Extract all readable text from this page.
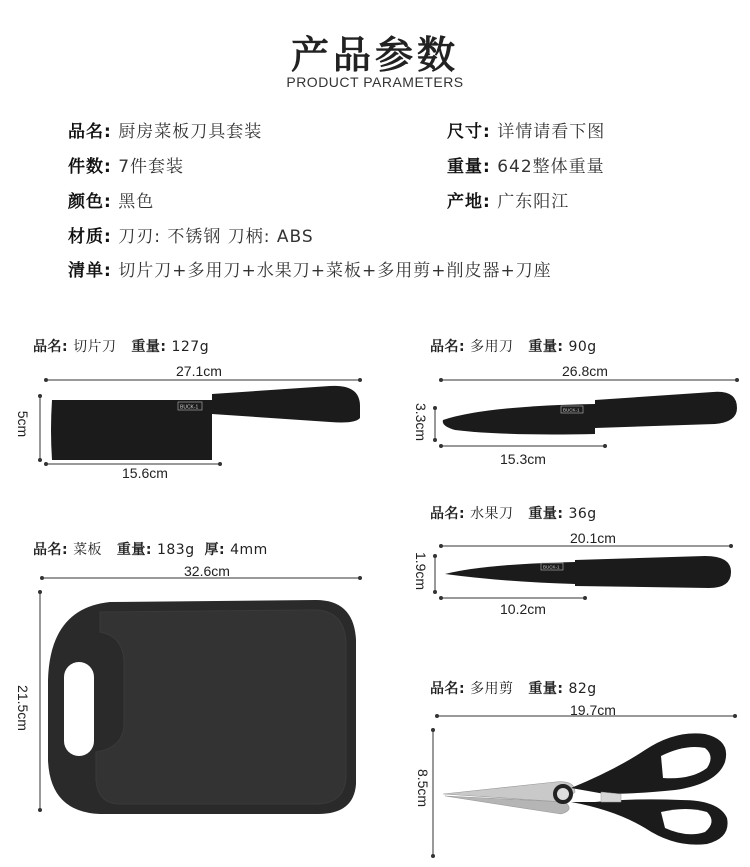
产品参数
PRODUCT PARAMETERS
品名: 厨房菜板刀具套装	尺寸: 详情请看下图
件数: 7件套装	重量: 642整体重量
颜色: 黑色	产地: 广东阳江
材质: 刀刃: 不锈钢 刀柄: ABS
清单: 切片刀+多用刀+水果刀+菜板+多用剪+削皮器+刀座
品名: 切片刀 重量: 127g
27.1cm
15.6cm
5cm
BUCK-1
品名: 多用刀 重量: 90g
26.8cm
15.3cm
3.3cm	BUCK-1
品名: 水果刀 重量: 36g
20.1cm
10.2cm
1.9cm	BUCK-1
品名: 菜板 重量: 183g 厚: 4mm
32.6cm
21.5cm	品名: 多用剪 重量: 82g
19.7cm
8.5cm
